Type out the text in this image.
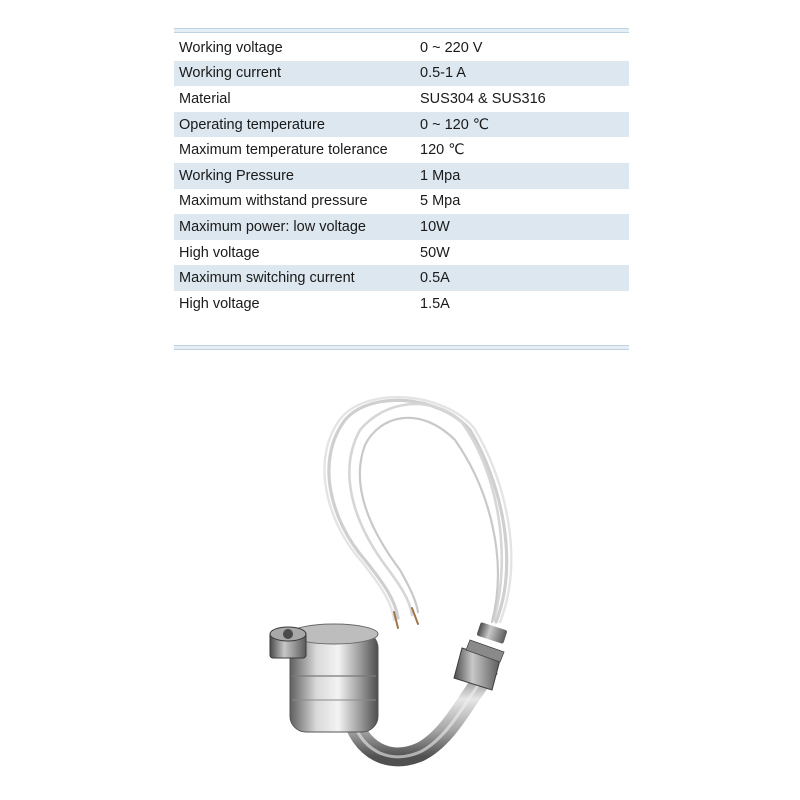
Working voltage	0 ~ 220 V
Working current	0.5-1 A
Material	SUS304 & SUS316
Operating temperature	0 ~ 120 ℃
Maximum temperature tolerance	120 ℃
Working Pressure	1 Mpa
Maximum withstand pressure	5 Mpa
Maximum power: low voltage	10W
High voltage	50W
Maximum switching current	0.5A
High voltage	1.5A
